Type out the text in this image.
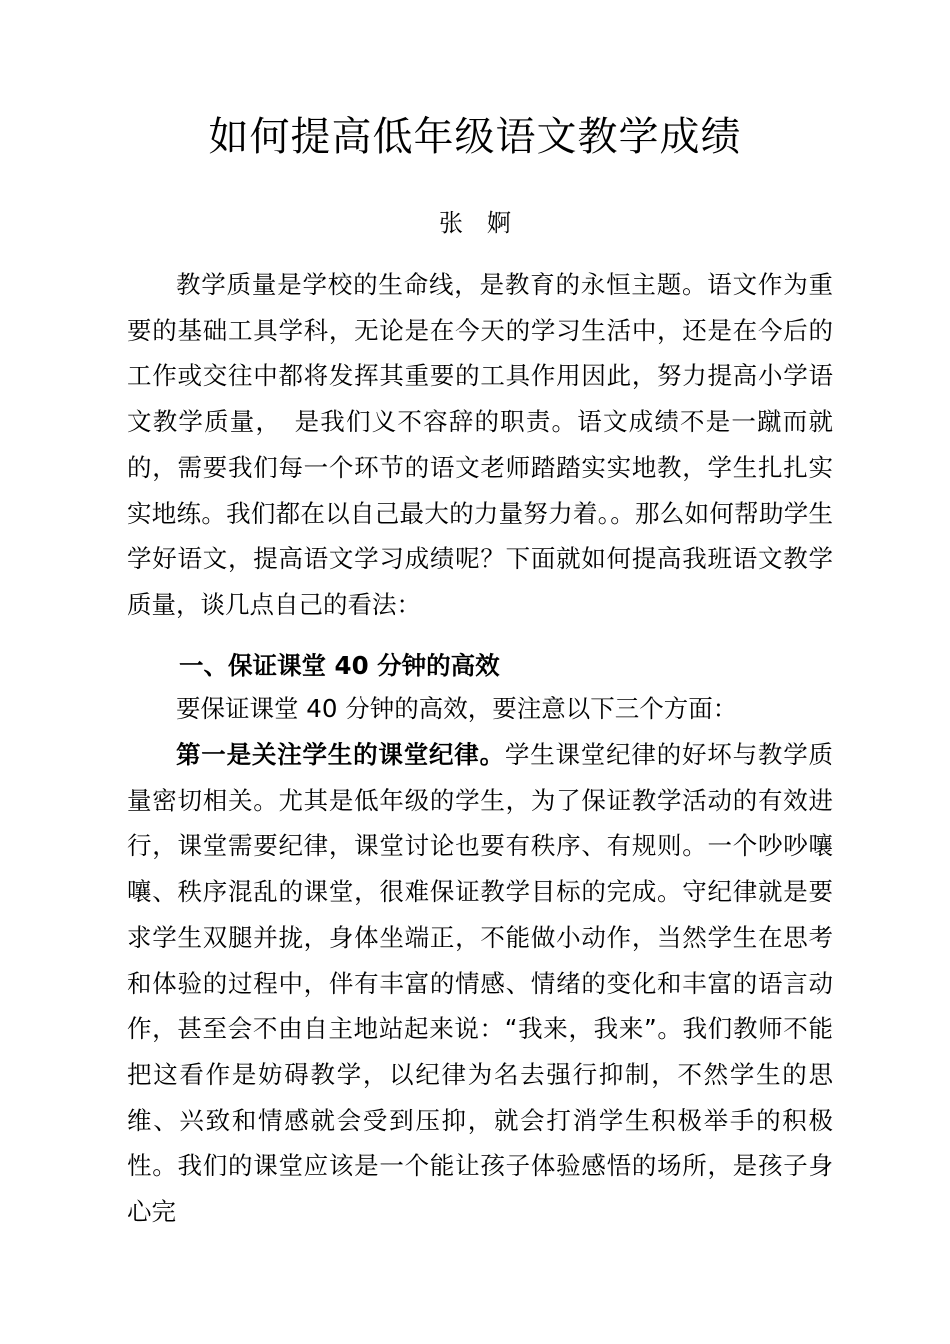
如何提高低年级语文教学成绩
张　婀

教学质量是学校的生命线，是教育的永恒主题。语文作为重要的基础工具学科，无论是在今天的学习生活中，还是在今后的工作或交往中都将发挥其重要的工具作用因此，努力提高小学语文教学质量，　是我们义不容辞的职责。语文成绩不是一蹴而就的，需要我们每一个环节的语文老师踏踏实实地教，学生扎扎实实地练。我们都在以自己最大的力量努力着。。那么如何帮助学生学好语文，提高语文学习成绩呢？下面就如何提高我班语文教学质量，谈几点自己的看法：

一、保证课堂 40 分钟的高效

要保证课堂 40 分钟的高效，要注意以下三个方面：

第一是关注学生的课堂纪律。学生课堂纪律的好坏与教学质量密切相关。尤其是低年级的学生，为了保证教学活动的有效进行，课堂需要纪律，课堂讨论也要有秩序、有规则。一个吵吵嚷嚷、秩序混乱的课堂，很难保证教学目标的完成。守纪律就是要求学生双腿并拢，身体坐端正，不能做小动作，当然学生在思考和体验的过程中，伴有丰富的情感、情绪的变化和丰富的语言动作，甚至会不由自主地站起来说：“我来，我来”。我们教师不能把这看作是妨碍教学，以纪律为名去强行抑制，不然学生的思维、兴致和情感就会受到压抑，就会打消学生积极举手的积极性。我们的课堂应该是一个能让孩子体验感悟的场所，是孩子身心完
